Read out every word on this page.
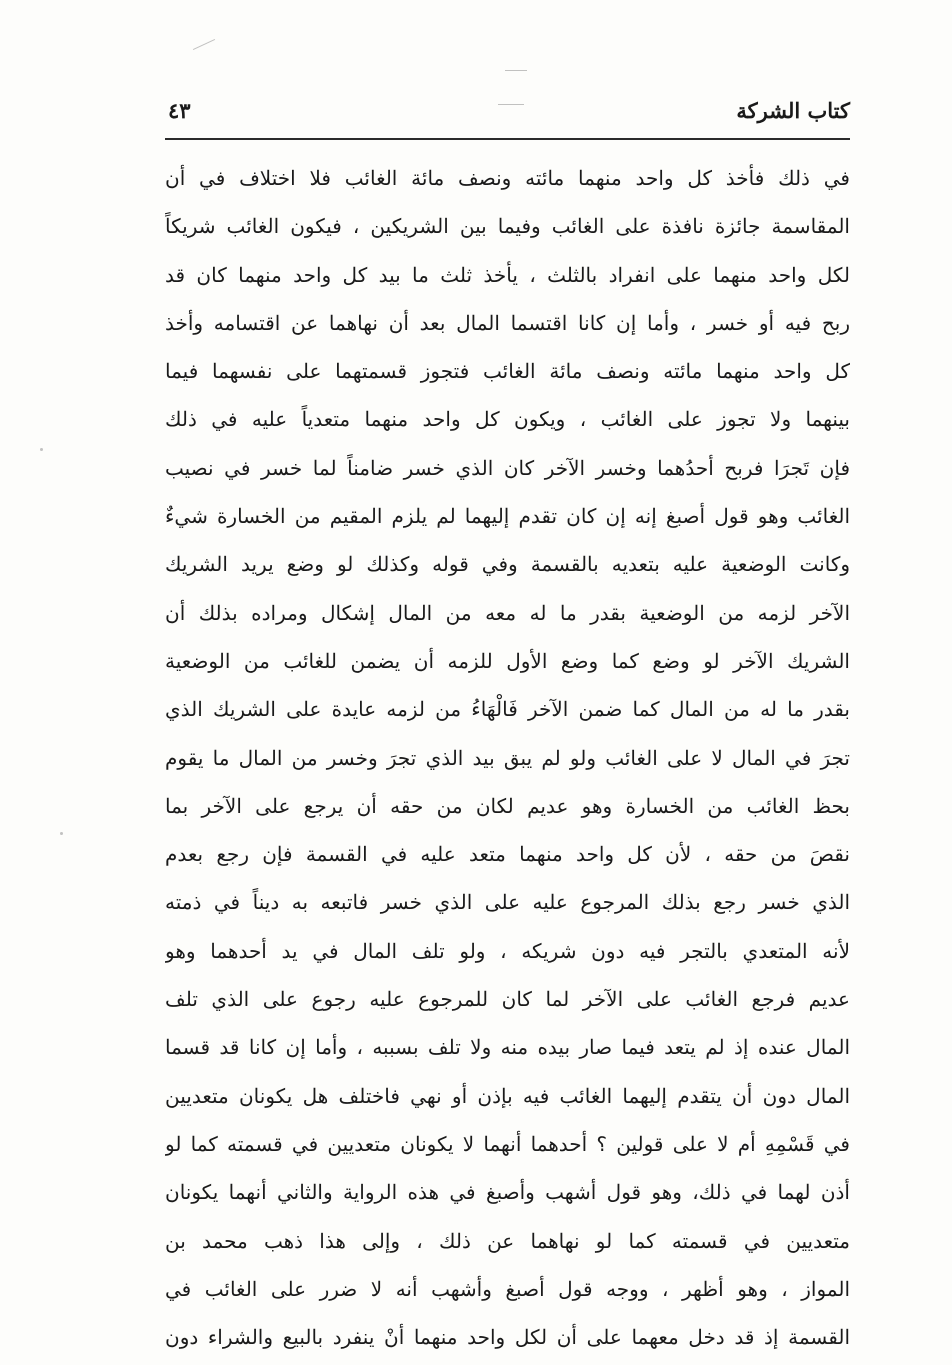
كتاب الشركة
٤٣
في ذلك فأخذ كل واحد منهما مائته ونصف مائة الغائب فلا اختلاف في أن
المقاسمة جائزة نافذة على الغائب وفيما بين الشريكين ، فيكون الغائب شريكاً
لكل واحد منهما على انفراد بالثلث ، يأخذ ثلث ما بيد كل واحد منهما كان قد
ربح فيه أو خسر ، وأما إن كانا اقتسما المال بعد أن نهاهما عن اقتسامه وأخذ
كل واحد منهما مائته ونصف مائة الغائب فتجوز قسمتهما على نفسهما فيما
بينهما ولا تجوز على الغائب ، ويكون كل واحد منهما متعدياً عليه في ذلك
فإن تَجرَا فربح أحدُهما وخسر الآخر كان الذي خسر ضامناً لما خسر في نصيب
الغائب وهو قول أصبغ إنه إن كان تقدم إليهما لم يلزم المقيم من الخسارة شيءٌ
وكانت الوضعية عليه بتعديه بالقسمة وفي قوله وكذلك لو وضع يريد الشريك
الآخر لزمه من الوضعية بقدر ما له معه من المال إشكال ومراده بذلك أن
الشريك الآخر لو وضع كما وضع الأول للزمه أن يضمن للغائب من الوضعية
بقدر ما له من المال كما ضمن الآخر فَالْهَاءُ من لزمه عايدة على الشريك الذي
تجرَ في المال لا على الغائب ولو لم يبق بيد الذي تجرَ وخسر من المال ما يقوم
بحظ الغائب من الخسارة وهو عديم لكان من حقه أن يرجع على الآخر بما
نقصَ من حقه ، لأن كل واحد منهما متعد عليه في القسمة فإن رجع بعدم
الذي خسر رجع بذلك المرجوع عليه على الذي خسر فاتبعه به ديناً في ذمته
لأنه المتعدي بالتجر فيه دون شريكه ، ولو تلف المال في يد أحدهما وهو
عديم فرجع الغائب على الآخر لما كان للمرجوع عليه رجوع على الذي تلف
المال عنده إذ لم يتعد فيما صار بيده منه ولا تلف بسببه ، وأما إن كانا قد قسما
المال دون أن يتقدم إليهما الغائب فيه بإذن أو نهي فاختلف هل يكونان متعديين
في قَسْمِهِ أم لا على قولين ؟ أحدهما أنهما لا يكونان متعديين في قسمته كما لو
أذن لهما في ذلك، وهو قول أشهب وأصبغ في هذه الرواية والثاني أنهما يكونان
متعديين في قسمته كما لو نهاهما عن ذلك ، وإلى هذا ذهب محمد بن
المواز ، وهو أظهر ، ووجه قول أصبغ وأشهب أنه لا ضرر على الغائب في
القسمة إذ قد دخل معهما على أن لكل واحد منهما أنْ ينفرد بالبيع والشراء دون
